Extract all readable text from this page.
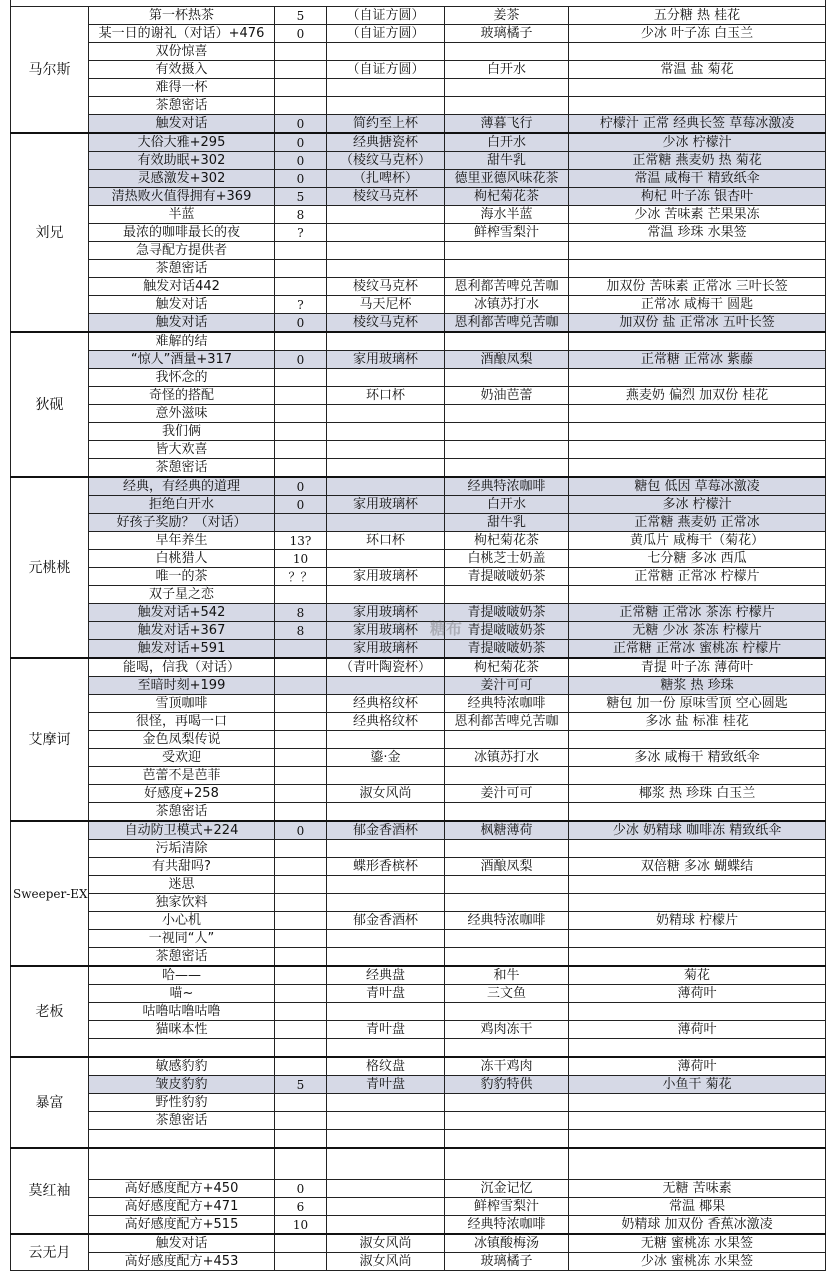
马尔斯	第一杯热茶	5	（自证方圆）	姜茶	五分糖 热 桂花
	某一日的谢礼（对话）+476	0	（自证方圆）	玻璃橘子	少冰 叶子冻 白玉兰
	双份惊喜				
	有效摄入		（自证方圆）	白开水	常温 盐 菊花
	难得一杯				
	茶憩密话				
	触发对话	0	简约至上杯	薄暮飞行	柠檬汁 正常 经典长签 草莓冰激凌
刘兄	大俗大雅+295	0	经典搪瓷杯	白开水	少冰 柠檬汁
	有效助眠+302	0	（棱纹马克杯）	甜牛乳	正常糖 燕麦奶 热 菊花
	灵感激发+302	0	（扎啤杯）	德里亚德风味花茶	常温 咸梅干 精致纸伞
	清热败火值得拥有+369	5	棱纹马克杯	枸杞菊花茶	枸杞 叶子冻 银杏叶
	半蓝	8		海水半蓝	少冰 苦味素 芒果果冻
	最浓的咖啡最长的夜	?		鲜榨雪梨汁	常温 珍珠 水果签
	急寻配方提供者				
	茶憩密话				
	触发对话442		棱纹马克杯	恩利都苦啤兑苦咖	加双份 苦味素 正常冰 三叶长签
	触发对话	?	马天尼杯	冰镇苏打水	正常冰 咸梅干 圆匙
	触发对话	0	棱纹马克杯	恩利都苦啤兑苦咖	加双份 盐 正常冰 五叶长签
狄砚	难解的结				
	“惊人”酒量+317	0	家用玻璃杯	酒酿凤梨	正常糖 正常冰 紫藤
	我怀念的				
	奇怪的搭配		环口杯	奶油芭蕾	燕麦奶 偏烈 加双份 桂花
	意外滋味				
	我们俩				
	皆大欢喜				
	茶憩密话				
元桃桃	经典，有经典的道理	0		经典特浓咖啡	糖包 低因 草莓冰激凌
	拒绝白开水	0	家用玻璃杯	白开水	多冰 柠檬汁
	好孩子奖励？（对话）			甜牛乳	正常糖 燕麦奶 正常冰
	早年养生	13?	环口杯	枸杞菊花茶	黄瓜片 咸梅干（菊花）
	白桃猎人	10		白桃芝士奶盖	七分糖 多冰 西瓜
	唯一的茶	？？	家用玻璃杯	青提啵啵奶茶	正常糖 正常冰 柠檬片
	双子星之恋				
	触发对话+542	8	家用玻璃杯	青提啵啵奶茶	正常糖 正常冰 茶冻 柠檬片
	触发对话+367	8	家用玻璃杯	青提啵啵奶茶	无糖 少冰 茶冻 柠檬片
	触发对话+591		家用玻璃杯	青提啵啵奶茶	正常糖 正常冰 蜜桃冻 柠檬片
艾摩诃	能喝，信我（对话）		（青叶陶瓷杯）	枸杞菊花茶	青提 叶子冻 薄荷叶
	至暗时刻+199			姜汁可可	糖浆 热 珍珠
	雪顶咖啡		经典格纹杯	经典特浓咖啡	糖包 加一份 原味雪顶 空心圆匙
	很怪，再喝一口		经典格纹杯	恩利都苦啤兑苦咖	多冰 盐 标准 桂花
	金色凤梨传说				
	受欢迎		鎏·金	冰镇苏打水	多冰 咸梅干 精致纸伞
	芭蕾不是芭菲				
	好感度+258		淑女风尚	姜汁可可	椰浆 热 珍珠 白玉兰
	茶憩密话				
Sweeper-EX	自动防卫模式+224	0	郁金香酒杯	枫糖薄荷	少冰 奶精球 咖啡冻 精致纸伞
	污垢清除				
	有共甜吗?		蝶形香槟杯	酒酿凤梨	双倍糖 多冰 蝴蝶结
	迷思				
	独家饮料				
	小心机		郁金香酒杯	经典特浓咖啡	奶精球 柠檬片
	一视同“人”				
	茶憩密话				
老板	哈——		经典盘	和牛	菊花
	喵~		青叶盘	三文鱼	薄荷叶
	咕噜咕噜咕噜				
	猫咪本性		青叶盘	鸡肉冻干	薄荷叶

暴富	敏感豹豹		格纹盘	冻干鸡肉	薄荷叶
	皱皮豹豹	5	青叶盘	豹豹特供	小鱼干 菊花
	野性豹豹				
	茶憩密话				

莫红袖					
	高好感度配方+450	0		沉金记忆	无糖 苦味素
	高好感度配方+471	6		鲜榨雪梨汁	常温 椰果
	高好感度配方+515	10		经典特浓咖啡	奶精球 加双份 香蕉冰激凌
云无月	触发对话		淑女风尚	冰镇酸梅汤	无糖 蜜桃冻 水果签
	高好感度配方+453		淑女风尚	玻璃橘子	少冰 蜜桃冻 水果签
糖布
